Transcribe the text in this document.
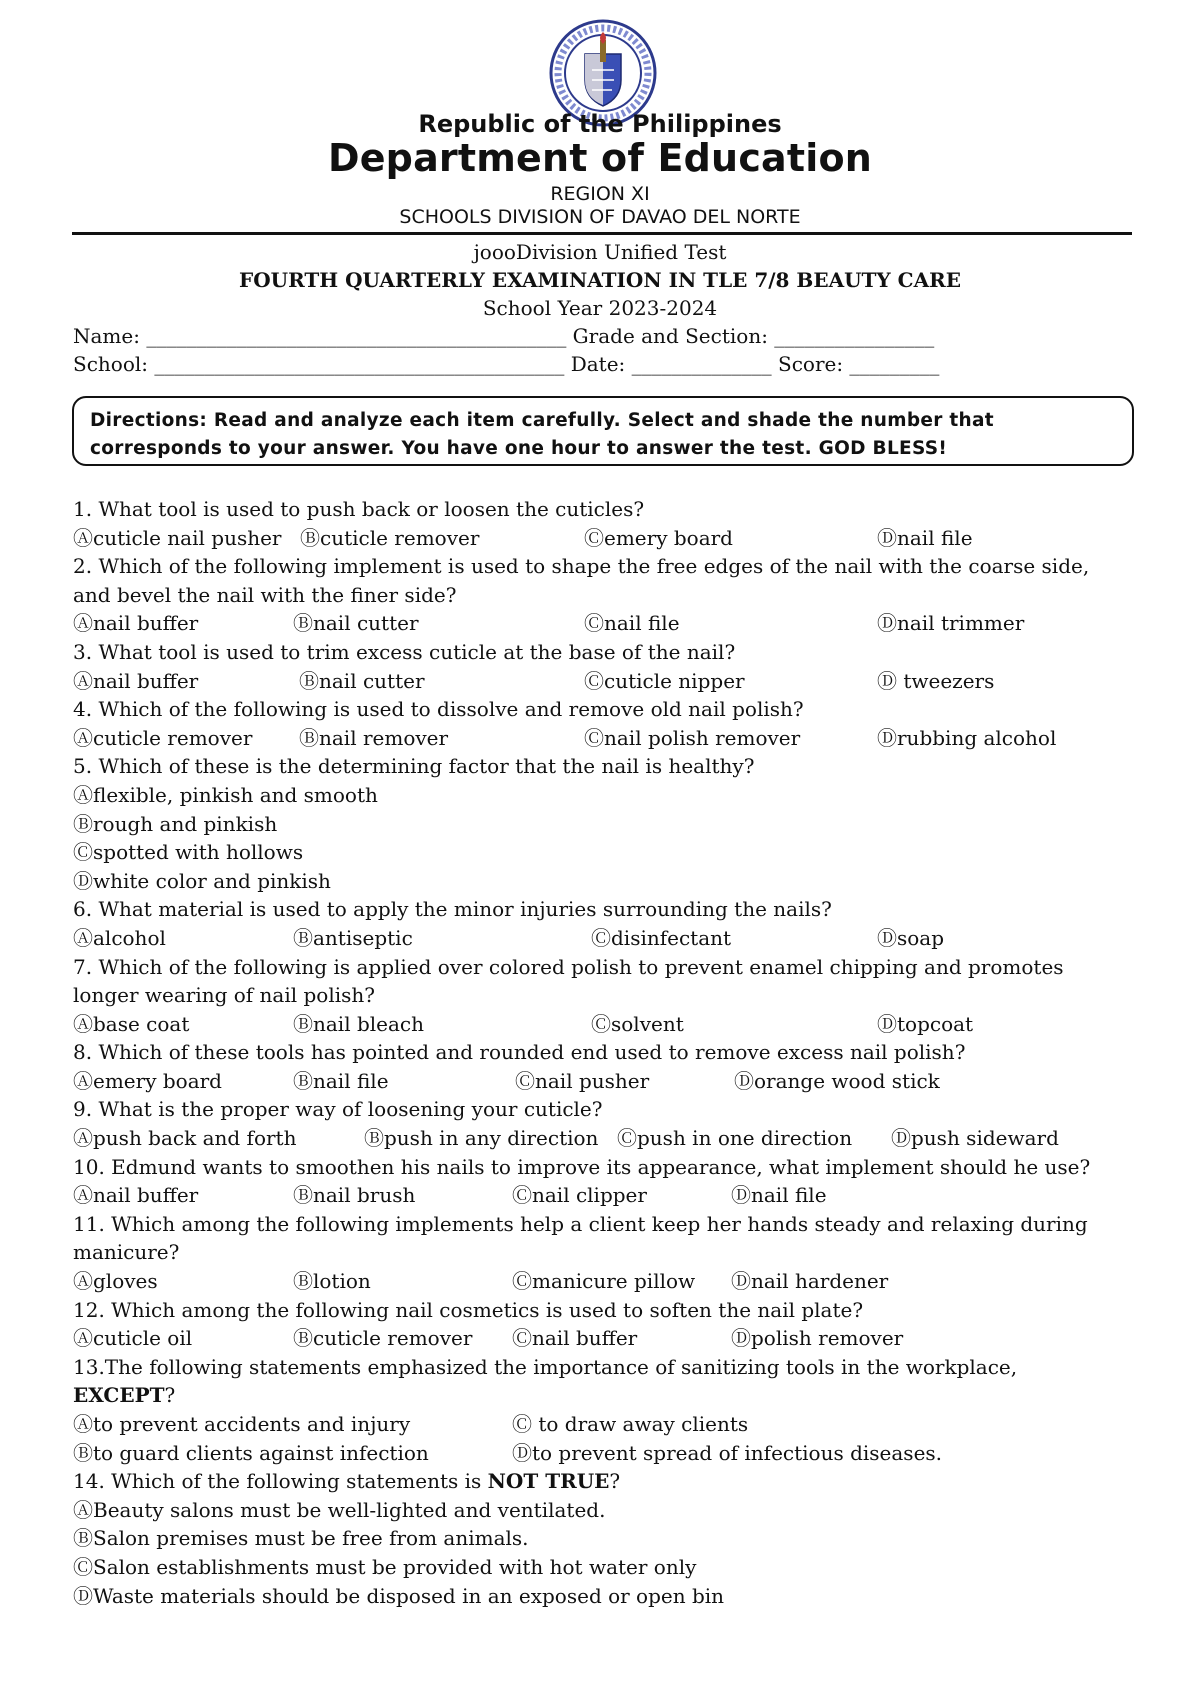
Republic of the Philippines
Department of Education
REGION XI
SCHOOLS DIVISION OF DAVAO DEL NORTE
joooDivision Unified Test
FOURTH QUARTERLY EXAMINATION IN TLE 7/8 BEAUTY CARE
School Year 2023-2024
Name: __________________________________________ Grade and Section: ________________
School: _________________________________________ Date: ______________ Score: _________
Directions: Read and analyze each item carefully. Select and shade the number that corresponds to your answer. You have one hour to answer the test. GOD BLESS!
1. What tool is used to push back or loosen the cuticles?
Ⓐcuticle nail pusher Ⓑcuticle remover	Ⓒemery board	Ⓓnail file
2. Which of the following implement is used to shape the free edges of the nail with the coarse side,
and bevel the nail with the finer side?
Ⓐnail buffer	Ⓑnail cutter	Ⓒnail file	Ⓓnail trimmer
3. What tool is used to trim excess cuticle at the base of the nail?
Ⓐnail buffer	Ⓑnail cutter	Ⓒcuticle nipper	Ⓓ tweezers
4. Which of the following is used to dissolve and remove old nail polish?
Ⓐcuticle remover Ⓑnail remover	Ⓒnail polish remover	Ⓓrubbing alcohol
5. Which of these is the determining factor that the nail is healthy?
Ⓐflexible, pinkish and smooth
Ⓑrough and pinkish
Ⓒspotted with hollows
Ⓓwhite color and pinkish
6. What material is used to apply the minor injuries surrounding the nails?
Ⓐalcohol	Ⓑantiseptic	Ⓒdisinfectant	Ⓓsoap
7. Which of the following is applied over colored polish to prevent enamel chipping and promotes
longer wearing of nail polish?
Ⓐbase coat	Ⓑnail bleach	Ⓒsolvent	Ⓓtopcoat
8. Which of these tools has pointed and rounded end used to remove excess nail polish?
Ⓐemery board	Ⓑnail file	Ⓒnail pusher	Ⓓorange wood stick
9. What is the proper way of loosening your cuticle?
Ⓐpush back and forth	Ⓑpush in any direction Ⓒpush in one direction Ⓓpush sideward
10. Edmund wants to smoothen his nails to improve its appearance, what implement should he use?
Ⓐnail buffer	Ⓑnail brush	Ⓒnail clipper	Ⓓnail file
11. Which among the following implements help a client keep her hands steady and relaxing during
manicure?
Ⓐgloves	Ⓑlotion	Ⓒmanicure pillow Ⓓnail hardener
12. Which among the following nail cosmetics is used to soften the nail plate?
Ⓐcuticle oil	Ⓑcuticle remover Ⓒnail buffer	Ⓓpolish remover
13.The following statements emphasized the importance of sanitizing tools in the workplace,
EXCEPT?
Ⓐto prevent accidents and injury	Ⓒ to draw away clients
Ⓑto guard clients against infection	Ⓓto prevent spread of infectious diseases.
14. Which of the following statements is NOT TRUE?
ⒶBeauty salons must be well-lighted and ventilated.
ⒷSalon premises must be free from animals.
ⒸSalon establishments must be provided with hot water only
ⒹWaste materials should be disposed in an exposed or open bin
